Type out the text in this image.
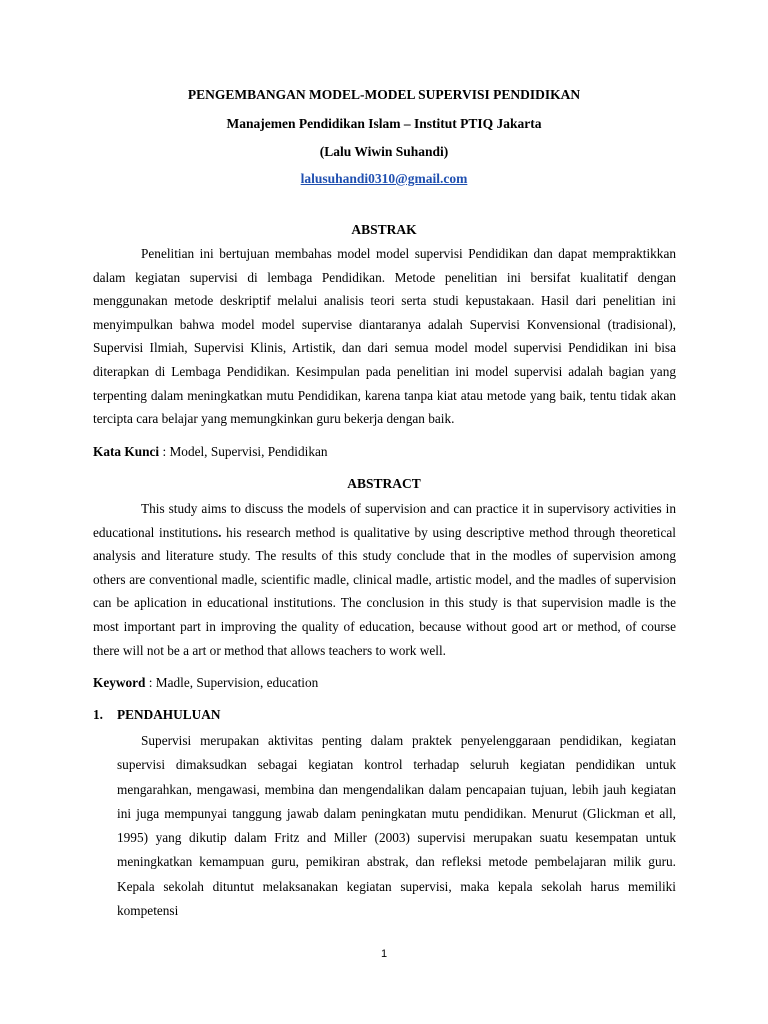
PENGEMBANGAN MODEL-MODEL SUPERVISI PENDIDIKAN
Manajemen Pendidikan Islam – Institut PTIQ Jakarta
(Lalu Wiwin Suhandi)
lalusuhandi0310@gmail.com
ABSTRAK

Penelitian ini bertujuan membahas model model supervisi Pendidikan dan dapat mempraktikkan dalam kegiatan supervisi di lembaga Pendidikan. Metode penelitian ini bersifat kualitatif dengan menggunakan metode deskriptif melalui analisis teori serta studi kepustakaan. Hasil dari penelitian ini menyimpulkan bahwa model model supervise diantaranya adalah Supervisi Konvensional (tradisional), Supervisi Ilmiah, Supervisi Klinis, Artistik, dan dari semua model model supervisi Pendidikan ini bisa diterapkan di Lembaga Pendidikan. Kesimpulan pada penelitian ini model supervisi adalah bagian yang terpenting dalam meningkatkan mutu Pendidikan, karena tanpa kiat atau metode yang baik, tentu tidak akan tercipta cara belajar yang memungkinkan guru bekerja dengan baik.

Kata Kunci : Model, Supervisi, Pendidikan
ABSTRACT

This study aims to discuss the models of supervision and can practice it in supervisory activities in educational institutions. his research method is qualitative by using descriptive method through theoretical analysis and literature study. The results of this study conclude that in the modles of supervision among others are conventional madle, scientific madle, clinical madle, artistic model, and the madles of supervision can be aplication in educational institutions. The conclusion in this study is that supervision madle is the most important part in improving the quality of education, because without good art or method, of course there will not be a art or method that allows teachers to work well.

Keyword : Madle, Supervision, education
1. PENDAHULUAN

Supervisi merupakan aktivitas penting dalam praktek penyelenggaraan pendidikan, kegiatan supervisi dimaksudkan sebagai kegiatan kontrol terhadap seluruh kegiatan pendidikan untuk mengarahkan, mengawasi, membina dan mengendalikan dalam pencapaian tujuan, lebih jauh kegiatan ini juga mempunyai tanggung jawab dalam peningkatan mutu pendidikan. Menurut (Glickman et all, 1995) yang dikutip dalam Fritz and Miller (2003) supervisi merupakan suatu kesempatan untuk meningkatkan kemampuan guru, pemikiran abstrak, dan refleksi metode pembelajaran milik guru. Kepala sekolah dituntut melaksanakan kegiatan supervisi, maka kepala sekolah harus memiliki kompetensi

1
